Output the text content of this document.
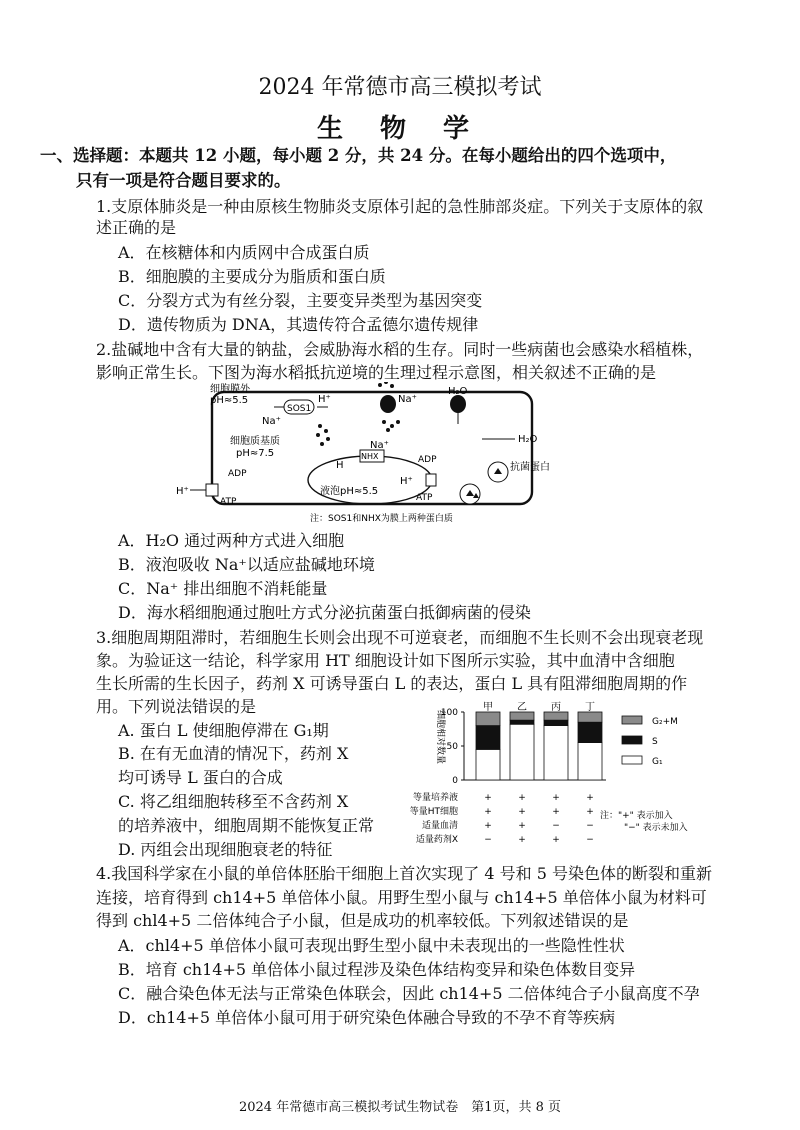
2024 年常德市高三模拟考试
生 物 学
一、选择题：本题共 12 小题，每小题 2 分，共 24 分。在每小题给出的四个选项中，
只有一项是符合题目要求的。
1.支原体肺炎是一种由原核生物肺炎支原体引起的急性肺部炎症。下列关于支原体的叙
述正确的是
A．在核糖体和内质网中合成蛋白质
B．细胞膜的主要成分为脂质和蛋白质
C．分裂方式为有丝分裂，主要变异类型为基因突变
D．遗传物质为 DNA，其遗传符合孟德尔遗传规律
2.盐碱地中含有大量的钠盐，会威胁海水稻的生存。同时一些病菌也会感染水稻植株，
影响正常生长。下图为海水稻抵抗逆境的生理过程示意图，相关叙述不正确的是
细胞膜外
pH≈5.5
SOS1
H⁺
Na⁺
Na⁺
H₂O
H₂O
细胞质基质
pH≈7.5
ADP
ATP
H⁺
NHX
H
Na⁺
液泡pH≈5.5
ADP
ATP
H⁺
抗菌蛋白
注：SOS1和NHX为膜上两种蛋白质
A．H₂O 通过两种方式进入细胞
B．液泡吸收 Na⁺以适应盐碱地环境
C．Na⁺ 排出细胞不消耗能量
D．海水稻细胞通过胞吐方式分泌抗菌蛋白抵御病菌的侵染
3.细胞周期阻滞时，若细胞生长则会出现不可逆衰老，而细胞不生长则不会出现衰老现
象。为验证这一结论，科学家用 HT 细胞设计如下图所示实验，其中血清中含细胞
生长所需的生长因子，药剂 X 可诱导蛋白 L 的表达，蛋白 L 具有阻滞细胞周期的作
用。下列说法错误的是
A. 蛋白 L 使细胞停滞在 G₁期
B. 在有无血清的情况下，药剂 X
均可诱导 L 蛋白的合成
C. 将乙组细胞转移至不含药剂 X
的培养液中，细胞周期不能恢复正常
D. 丙组会出现细胞衰老的特征
细胞相对数量
0
50
100	甲 乙 丙 丁
G₂+M
S
G₁
等量培养液	+	+	+	+
等量HT细胞	+	+	+	+
适量血清	+	+	−	−
适量药剂X	−	+	+	−
注："+" 表示加入
"−" 表示未加入
4.我国科学家在小鼠的单倍体胚胎干细胞上首次实现了 4 号和 5 号染色体的断裂和重新
连接，培育得到 ch14+5 单倍体小鼠。用野生型小鼠与 ch14+5 单倍体小鼠为材料可
得到 chl4+5 二倍体纯合子小鼠，但是成功的机率较低。下列叙述错误的是
A．chl4+5 单倍体小鼠可表现出野生型小鼠中未表现出的一些隐性性状
B．培育 ch14+5 单倍体小鼠过程涉及染色体结构变异和染色体数目变异
C．融合染色体无法与正常染色体联会，因此 ch14+5 二倍体纯合子小鼠高度不孕
D．ch14+5 单倍体小鼠可用于研究染色体融合导致的不孕不育等疾病
2024 年常德市高三模拟考试生物试卷　第1页，共 8 页
